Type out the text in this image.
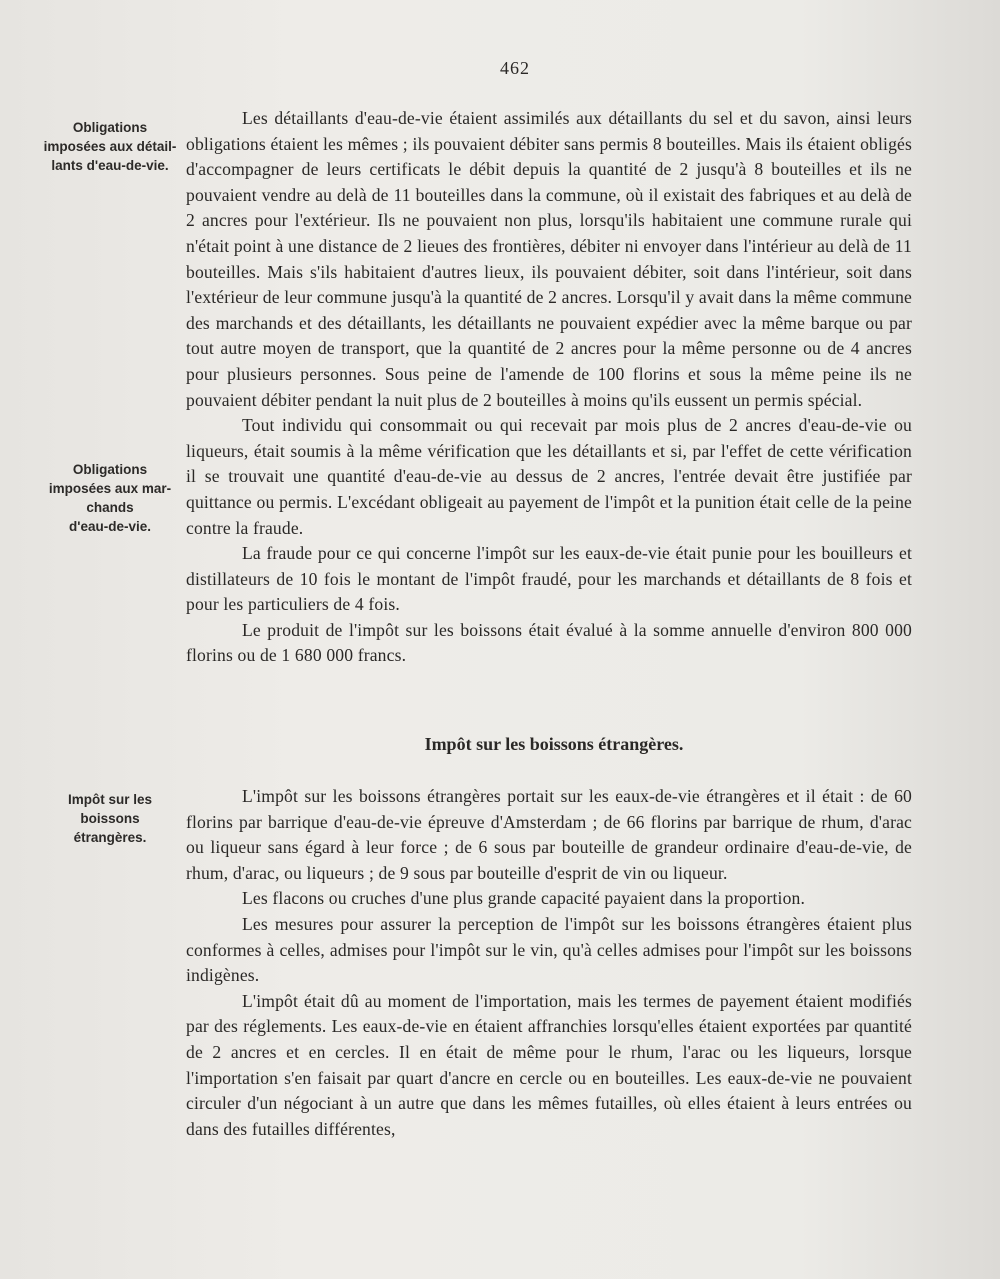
462
Obligations
imposées aux détail-
lants d'eau-de-vie.
Obligations
imposées aux mar-
chands
d'eau-de-vie.
Impôt sur les
boissons
étrangères.

Les détaillants d'eau-de-vie étaient assimilés aux détaillants du sel et du savon, ainsi leurs obligations étaient les mêmes ; ils pouvaient débiter sans permis 8 bouteilles. Mais ils étaient obligés d'accompagner de leurs certificats le débit depuis la quantité de 2 jusqu'à 8 bouteilles et ils ne pouvaient vendre au delà de 11 bouteilles dans la commune, où il existait des fabriques et au delà de 2 ancres pour l'extérieur. Ils ne pouvaient non plus, lorsqu'ils habitaient une commune rurale qui n'était point à une distance de 2 lieues des frontières, débiter ni envoyer dans l'intérieur au delà de 11 bouteilles. Mais s'ils habitaient d'autres lieux, ils pouvaient débiter, soit dans l'intérieur, soit dans l'extérieur de leur commune jusqu'à la quantité de 2 ancres. Lorsqu'il y avait dans la même commune des marchands et des détaillants, les détaillants ne pouvaient expédier avec la même barque ou par tout autre moyen de transport, que la quantité de 2 ancres pour la même personne ou de 4 ancres pour plusieurs personnes. Sous peine de l'amende de 100 florins et sous la même peine ils ne pouvaient débiter pendant la nuit plus de 2 bouteilles à moins qu'ils eussent un permis spécial.

Tout individu qui consommait ou qui recevait par mois plus de 2 ancres d'eau-de-vie ou liqueurs, était soumis à la même vérification que les détaillants et si, par l'effet de cette vérification il se trouvait une quantité d'eau-de-vie au dessus de 2 ancres, l'entrée devait être justifiée par quittance ou permis. L'excédant obligeait au payement de l'impôt et la punition était celle de la peine contre la fraude.

La fraude pour ce qui concerne l'impôt sur les eaux-de-vie était punie pour les bouilleurs et distillateurs de 10 fois le montant de l'impôt fraudé, pour les marchands et détaillants de 8 fois et pour les particuliers de 4 fois.

Le produit de l'impôt sur les boissons était évalué à la somme annuelle d'environ 800 000 florins ou de 1 680 000 francs.

Impôt sur les boissons étrangères.

L'impôt sur les boissons étrangères portait sur les eaux-de-vie étrangères et il était : de 60 florins par barrique d'eau-de-vie épreuve d'Amsterdam ; de 66 florins par barrique de rhum, d'arac ou liqueur sans égard à leur force ; de 6 sous par bouteille de grandeur ordinaire d'eau-de-vie, de rhum, d'arac, ou liqueurs ; de 9 sous par bouteille d'esprit de vin ou liqueur.

Les flacons ou cruches d'une plus grande capacité payaient dans la proportion.

Les mesures pour assurer la perception de l'impôt sur les boissons étrangères étaient plus conformes à celles, admises pour l'impôt sur le vin, qu'à celles admises pour l'impôt sur les boissons indigènes.

L'impôt était dû au moment de l'importation, mais les termes de payement étaient modifiés par des réglements. Les eaux-de-vie en étaient affranchies lorsqu'elles étaient exportées par quantité de 2 ancres et en cercles. Il en était de même pour le rhum, l'arac ou les liqueurs, lorsque l'importation s'en faisait par quart d'ancre en cercle ou en bouteilles. Les eaux-de-vie ne pouvaient circuler d'un négociant à un autre que dans les mêmes futailles, où elles étaient à leurs entrées ou dans des futailles différentes,
